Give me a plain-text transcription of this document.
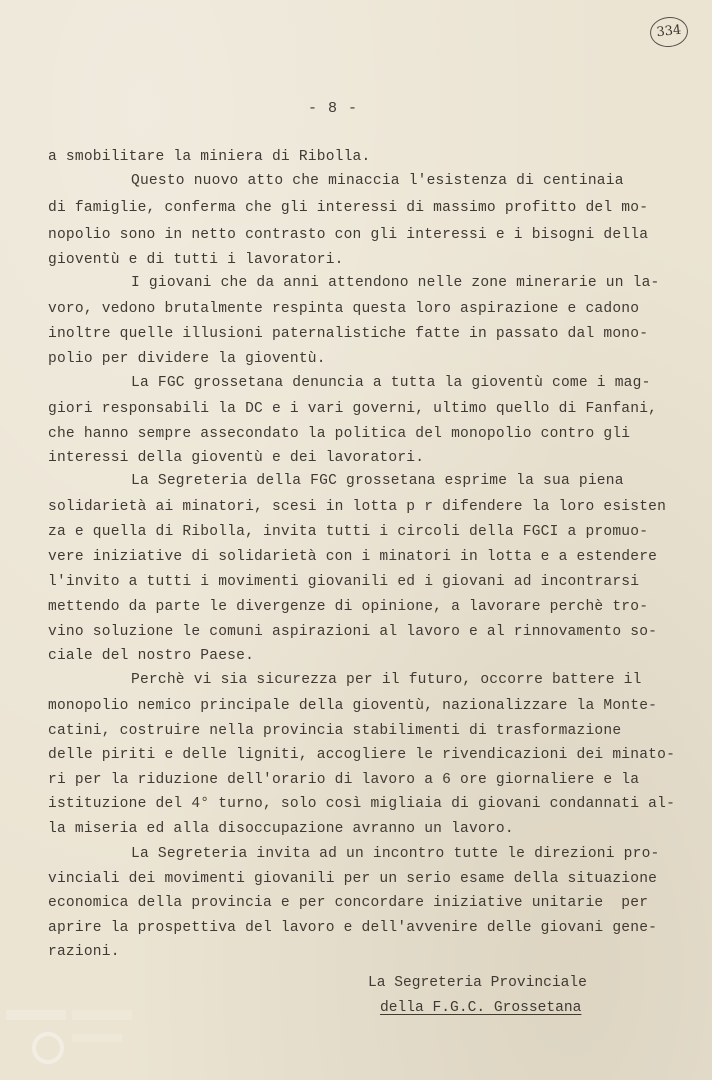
334
- 8 -
a smobilitare la miniera di Ribolla.
Questo nuovo atto che minaccia l'esistenza di centinaia
di famiglie, conferma che gli interessi di massimo profitto del mo-
nopolio sono in netto contrasto con gli interessi e i bisogni della
gioventù e di tutti i lavoratori.
I giovani che da anni attendono nelle zone minerarie un la-
voro, vedono brutalmente respinta questa loro aspirazione e cadono
inoltre quelle illusioni paternalistiche fatte in passato dal mono-
polio per dividere la gioventù.
La FGC grossetana denuncia a tutta la gioventù come i mag-
giori responsabili la DC e i vari governi, ultimo quello di Fanfani,
che hanno sempre assecondato la politica del monopolio contro gli
interessi della gioventù e dei lavoratori.
La Segreteria della FGC grossetana esprime la sua piena
solidarietà ai minatori, scesi in lotta p r difendere la loro esisten
za e quella di Ribolla, invita tutti i circoli della FGCI a promuo-
vere iniziative di solidarietà con i minatori in lotta e a estendere
l'invito a tutti i movimenti giovanili ed i giovani ad incontrarsi
mettendo da parte le divergenze di opinione, a lavorare perchè tro-
vino soluzione le comuni aspirazioni al lavoro e al rinnovamento so-
ciale del nostro Paese.
Perchè vi sia sicurezza per il futuro, occorre battere il
monopolio nemico principale della gioventù, nazionalizzare la Monte-
catini, costruire nella provincia stabilimenti di trasformazione
delle piriti e delle ligniti, accogliere le rivendicazioni dei minato-
ri per la riduzione dell'orario di lavoro a 6 ore giornaliere e la
istituzione del 4° turno, solo così migliaia di giovani condannati al-
la miseria ed alla disoccupazione avranno un lavoro.
La Segreteria invita ad un incontro tutte le direzioni pro-
vinciali dei movimenti giovanili per un serio esame della situazione
economica della provincia e per concordare iniziative unitarie  per
aprire la prospettiva del lavoro e dell'avvenire delle giovani gene-
razioni.
La Segreteria Provinciale
della F.G.C. Grossetana
